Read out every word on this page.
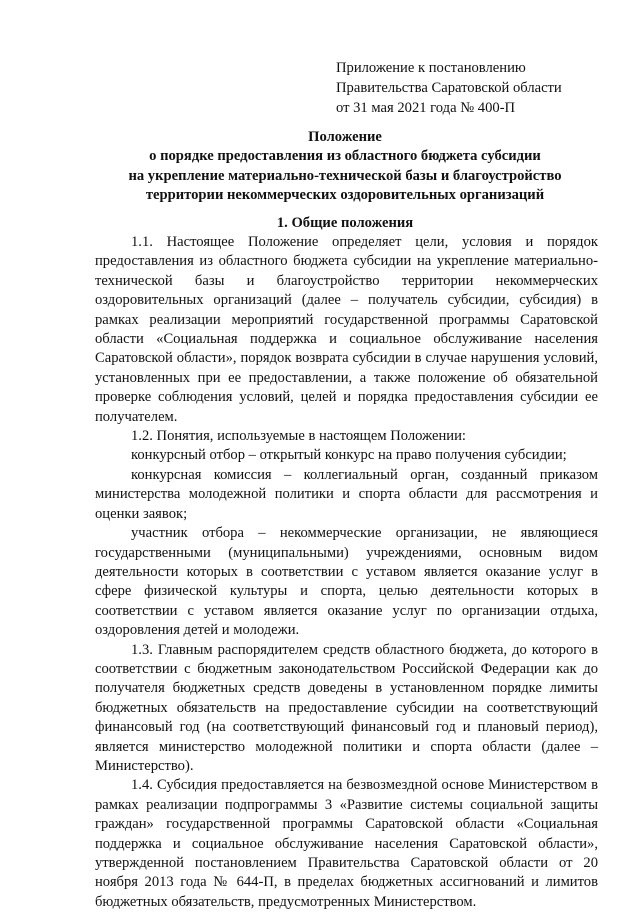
Приложение к постановлению
Правительства Саратовской области
от 31 мая 2021 года № 400-П
Положение
о порядке предоставления из областного бюджета субсидии
на укрепление материально-технической базы и благоустройство
территории некоммерческих оздоровительных организаций
1. Общие положения

1.1. Настоящее Положение определяет цели, условия и порядок предоставления из областного бюджета субсидии на укрепление материально-технической базы и благоустройство территории некоммерческих оздоровительных организаций (далее – получатель субсидии, субсидия) в рамках реализации мероприятий государственной программы Саратовской области «Социальная поддержка и социальное обслуживание населения Саратовской области», порядок возврата субсидии в случае нарушения условий, установленных при ее предоставлении, а также положение об обязательной проверке соблюдения условий, целей и порядка предоставления субсидии ее получателем.

1.2. Понятия, используемые в настоящем Положении:

конкурсный отбор – открытый конкурс на право получения субсидии;

конкурсная комиссия – коллегиальный орган, созданный приказом министерства молодежной политики и спорта области для рассмотрения и оценки заявок;

участник отбора – некоммерческие организации, не являющиеся государственными (муниципальными) учреждениями, основным видом деятельности которых в соответствии с уставом является оказание услуг в сфере физической культуры и спорта, целью деятельности которых в соответствии с уставом является оказание услуг по организации отдыха, оздоровления детей и молодежи.

1.3. Главным распорядителем средств областного бюджета, до которого в соответствии с бюджетным законодательством Российской Федерации как до получателя бюджетных средств доведены в установленном порядке лимиты бюджетных обязательств на предоставление субсидии на соответствующий финансовый год (на соответствующий финансовый год и плановый период), является министерство молодежной политики и спорта области (далее – Министерство).

1.4. Субсидия предоставляется на безвозмездной основе Министерством в рамках реализации подпрограммы 3 «Развитие системы социальной защиты граждан» государственной программы Саратовской области «Социальная поддержка и социальное обслуживание населения Саратовской области», утвержденной постановлением Правительства Саратовской области от 20 ноября 2013 года № 644-П, в пределах бюджетных ассигнований и лимитов бюджетных обязательств, предусмотренных Министерством.
